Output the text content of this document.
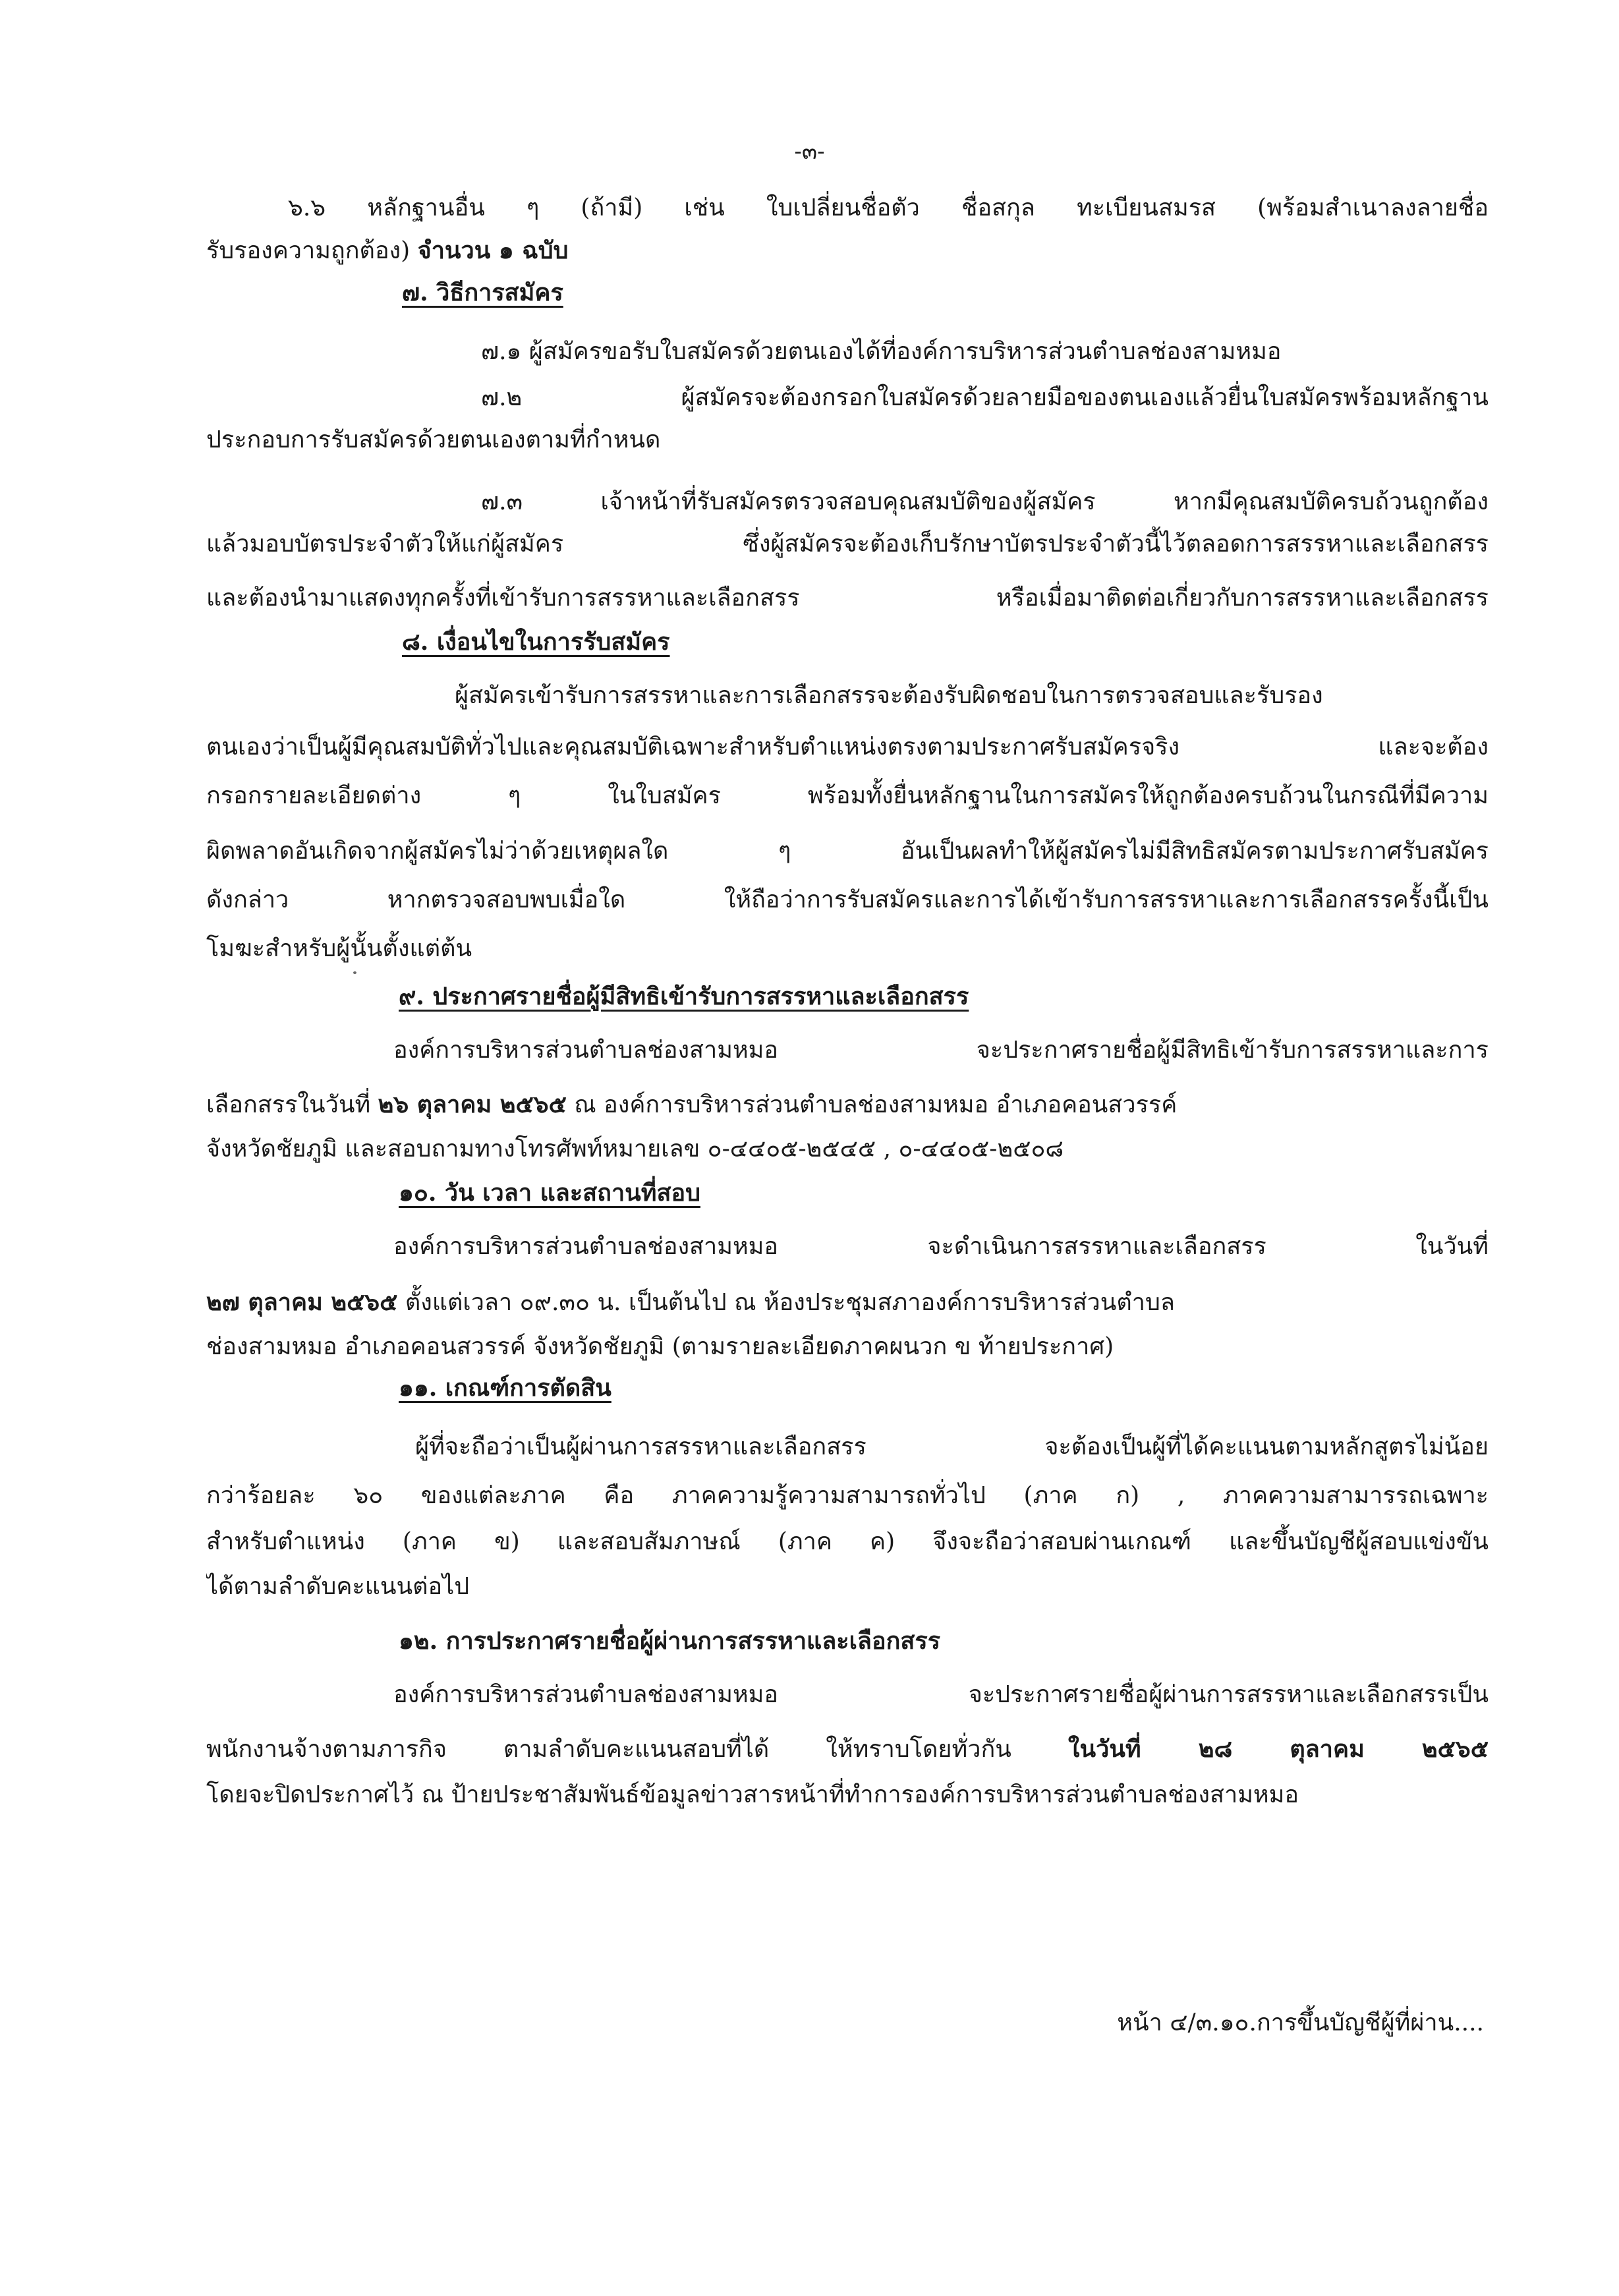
-๓-
๖.๖ หลักฐานอื่น ๆ (ถ้ามี) เช่น ใบเปลี่ยนชื่อตัว ชื่อสกุล ทะเบียนสมรส (พร้อมสำเนาลงลายชื่อ
รับรองความถูกต้อง) จำนวน ๑ ฉบับ
๗. วิธีการสมัคร
๗.๑ ผู้สมัครขอรับใบสมัครด้วยตนเองได้ที่องค์การบริหารส่วนตำบลช่องสามหมอ
๗.๒ ผู้สมัครจะต้องกรอกใบสมัครด้วยลายมือของตนเองแล้วยื่นใบสมัครพร้อมหลักฐาน
ประกอบการรับสมัครด้วยตนเองตามที่กำหนด
๗.๓ เจ้าหน้าที่รับสมัครตรวจสอบคุณสมบัติของผู้สมัคร หากมีคุณสมบัติครบถ้วนถูกต้อง
แล้วมอบบัตรประจำตัวให้แก่ผู้สมัคร ซึ่งผู้สมัครจะต้องเก็บรักษาบัตรประจำตัวนี้ไว้ตลอดการสรรหาและเลือกสรร
และต้องนำมาแสดงทุกครั้งที่เข้ารับการสรรหาและเลือกสรร หรือเมื่อมาติดต่อเกี่ยวกับการสรรหาและเลือกสรร
๘. เงื่อนไขในการรับสมัคร
ผู้สมัครเข้ารับการสรรหาและการเลือกสรรจะต้องรับผิดชอบในการตรวจสอบและรับรอง
ตนเองว่าเป็นผู้มีคุณสมบัติทั่วไปและคุณสมบัติเฉพาะสำหรับตำแหน่งตรงตามประกาศรับสมัครจริง และจะต้อง
กรอกรายละเอียดต่าง ๆ ในใบสมัคร พร้อมทั้งยื่นหลักฐานในการสมัครให้ถูกต้องครบถ้วนในกรณีที่มีความ
ผิดพลาดอันเกิดจากผู้สมัครไม่ว่าด้วยเหตุผลใด ๆ อันเป็นผลทำให้ผู้สมัครไม่มีสิทธิสมัครตามประกาศรับสมัคร
ดังกล่าว หากตรวจสอบพบเมื่อใด ให้ถือว่าการรับสมัครและการได้เข้ารับการสรรหาและการเลือกสรรครั้งนี้เป็น
โมฆะสำหรับผู้นั้นตั้งแต่ต้น
๙. ประกาศรายชื่อผู้มีสิทธิเข้ารับการสรรหาและเลือกสรร
องค์การบริหารส่วนตำบลช่องสามหมอ จะประกาศรายชื่อผู้มีสิทธิเข้ารับการสรรหาและการ
เลือกสรรในวันที่ ๒๖ ตุลาคม ๒๕๖๕ ณ องค์การบริหารส่วนตำบลช่องสามหมอ อำเภอคอนสวรรค์
จังหวัดชัยภูมิ และสอบถามทางโทรศัพท์หมายเลข ๐-๔๔๐๕-๒๕๔๕ , ๐-๔๔๐๕-๒๕๐๘
๑๐. วัน เวลา และสถานที่สอบ
องค์การบริหารส่วนตำบลช่องสามหมอ จะดำเนินการสรรหาและเลือกสรร ในวันที่
๒๗ ตุลาคม ๒๕๖๕ ตั้งแต่เวลา ๐๙.๓๐ น. เป็นต้นไป ณ ห้องประชุมสภาองค์การบริหารส่วนตำบล
ช่องสามหมอ อำเภอคอนสวรรค์ จังหวัดชัยภูมิ (ตามรายละเอียดภาคผนวก ข ท้ายประกาศ)
๑๑. เกณฑ์การตัดสิน
ผู้ที่จะถือว่าเป็นผู้ผ่านการสรรหาและเลือกสรร จะต้องเป็นผู้ที่ได้คะแนนตามหลักสูตรไม่น้อย
กว่าร้อยละ ๖๐ ของแต่ละภาค คือ ภาคความรู้ความสามารถทั่วไป (ภาค ก) , ภาคความสามารรถเฉพาะ
สำหรับตำแหน่ง (ภาค ข) และสอบสัมภาษณ์ (ภาค ค) จึงจะถือว่าสอบผ่านเกณฑ์ และขึ้นบัญชีผู้สอบแข่งขัน
ได้ตามลำดับคะแนนต่อไป
๑๒. การประกาศรายชื่อผู้ผ่านการสรรหาและเลือกสรร
องค์การบริหารส่วนตำบลช่องสามหมอ จะประกาศรายชื่อผู้ผ่านการสรรหาและเลือกสรรเป็น
พนักงานจ้างตามภารกิจ ตามลำดับคะแนนสอบที่ได้ ให้ทราบโดยทั่วกัน ในวันที่ ๒๘ ตุลาคม ๒๕๖๕
โดยจะปิดประกาศไว้ ณ ป้ายประชาสัมพันธ์ข้อมูลข่าวสารหน้าที่ทำการองค์การบริหารส่วนตำบลช่องสามหมอ
หน้า ๔/๓.๑๐.การขึ้นบัญชีผู้ที่ผ่าน....
